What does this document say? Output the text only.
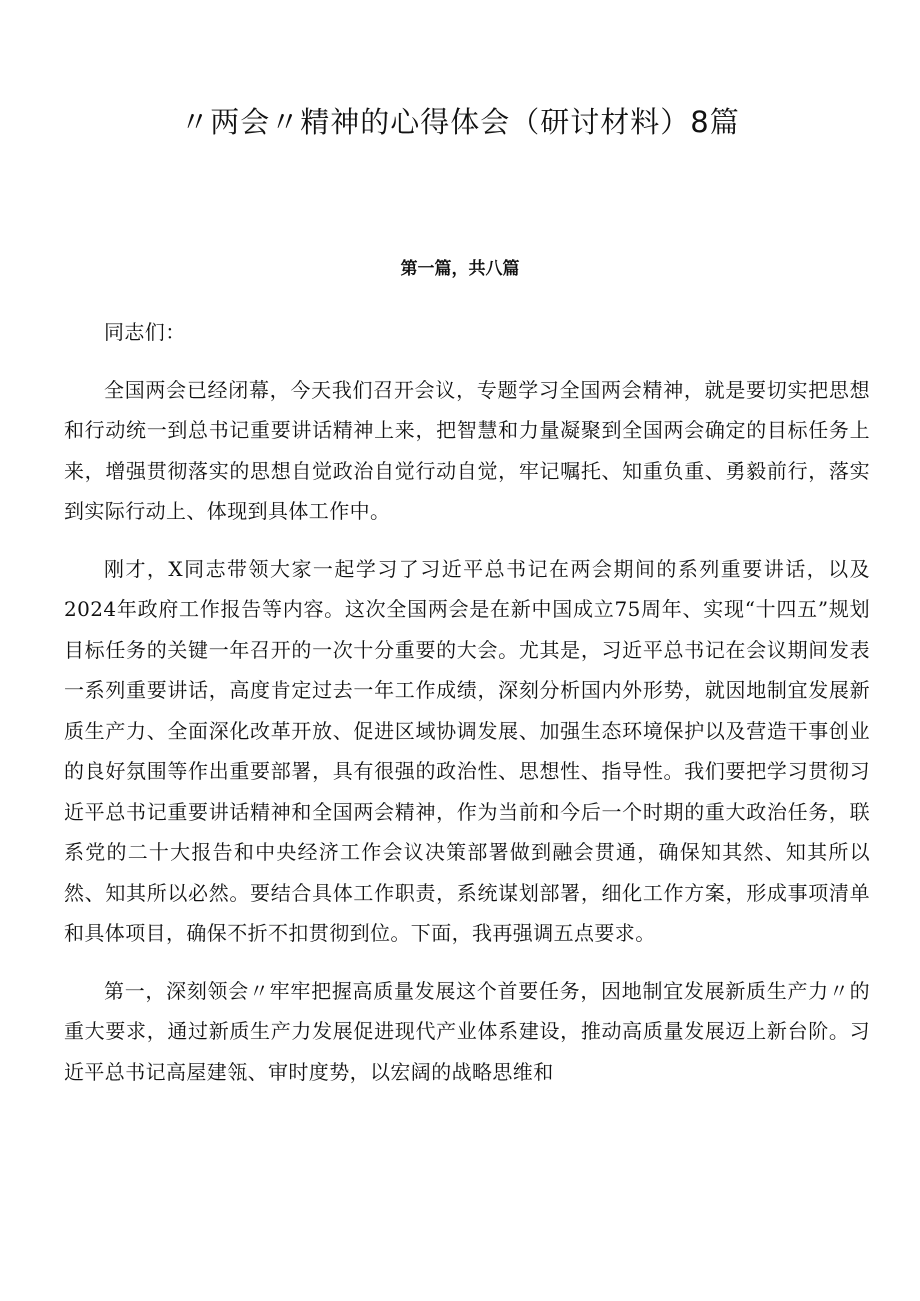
〃两会〃精神的心得体会（研讨材料）8篇
第一篇，共八篇

同志们：

全国两会已经闭幕，今天我们召开会议，专题学习全国两会精神，就是要切实把思想和行动统一到总书记重要讲话精神上来，把智慧和力量凝聚到全国两会确定的目标任务上来，增强贯彻落实的思想自觉政治自觉行动自觉，牢记嘱托、知重负重、勇毅前行，落实到实际行动上、体现到具体工作中。

刚才，X同志带领大家一起学习了习近平总书记在两会期间的系列重要讲话，以及2024年政府工作报告等内容。这次全国两会是在新中国成立75周年、实现“十四五”规划目标任务的关键一年召开的一次十分重要的大会。尤其是，习近平总书记在会议期间发表一系列重要讲话，高度肯定过去一年工作成绩，深刻分析国内外形势，就因地制宜发展新质生产力、全面深化改革开放、促进区域协调发展、加强生态环境保护以及营造干事创业的良好氛围等作出重要部署，具有很强的政治性、思想性、指导性。我们要把学习贯彻习近平总书记重要讲话精神和全国两会精神，作为当前和今后一个时期的重大政治任务，联系党的二十大报告和中央经济工作会议决策部署做到融会贯通，确保知其然、知其所以然、知其所以必然。要结合具体工作职责，系统谋划部署，细化工作方案，形成事项清单和具体项目，确保不折不扣贯彻到位。下面，我再强调五点要求。

第一，深刻领会〃牢牢把握高质量发展这个首要任务，因地制宜发展新质生产力〃的重大要求，通过新质生产力发展促进现代产业体系建设，推动高质量发展迈上新台阶。习近平总书记高屋建瓴、审时度势，以宏阔的战略思维和
